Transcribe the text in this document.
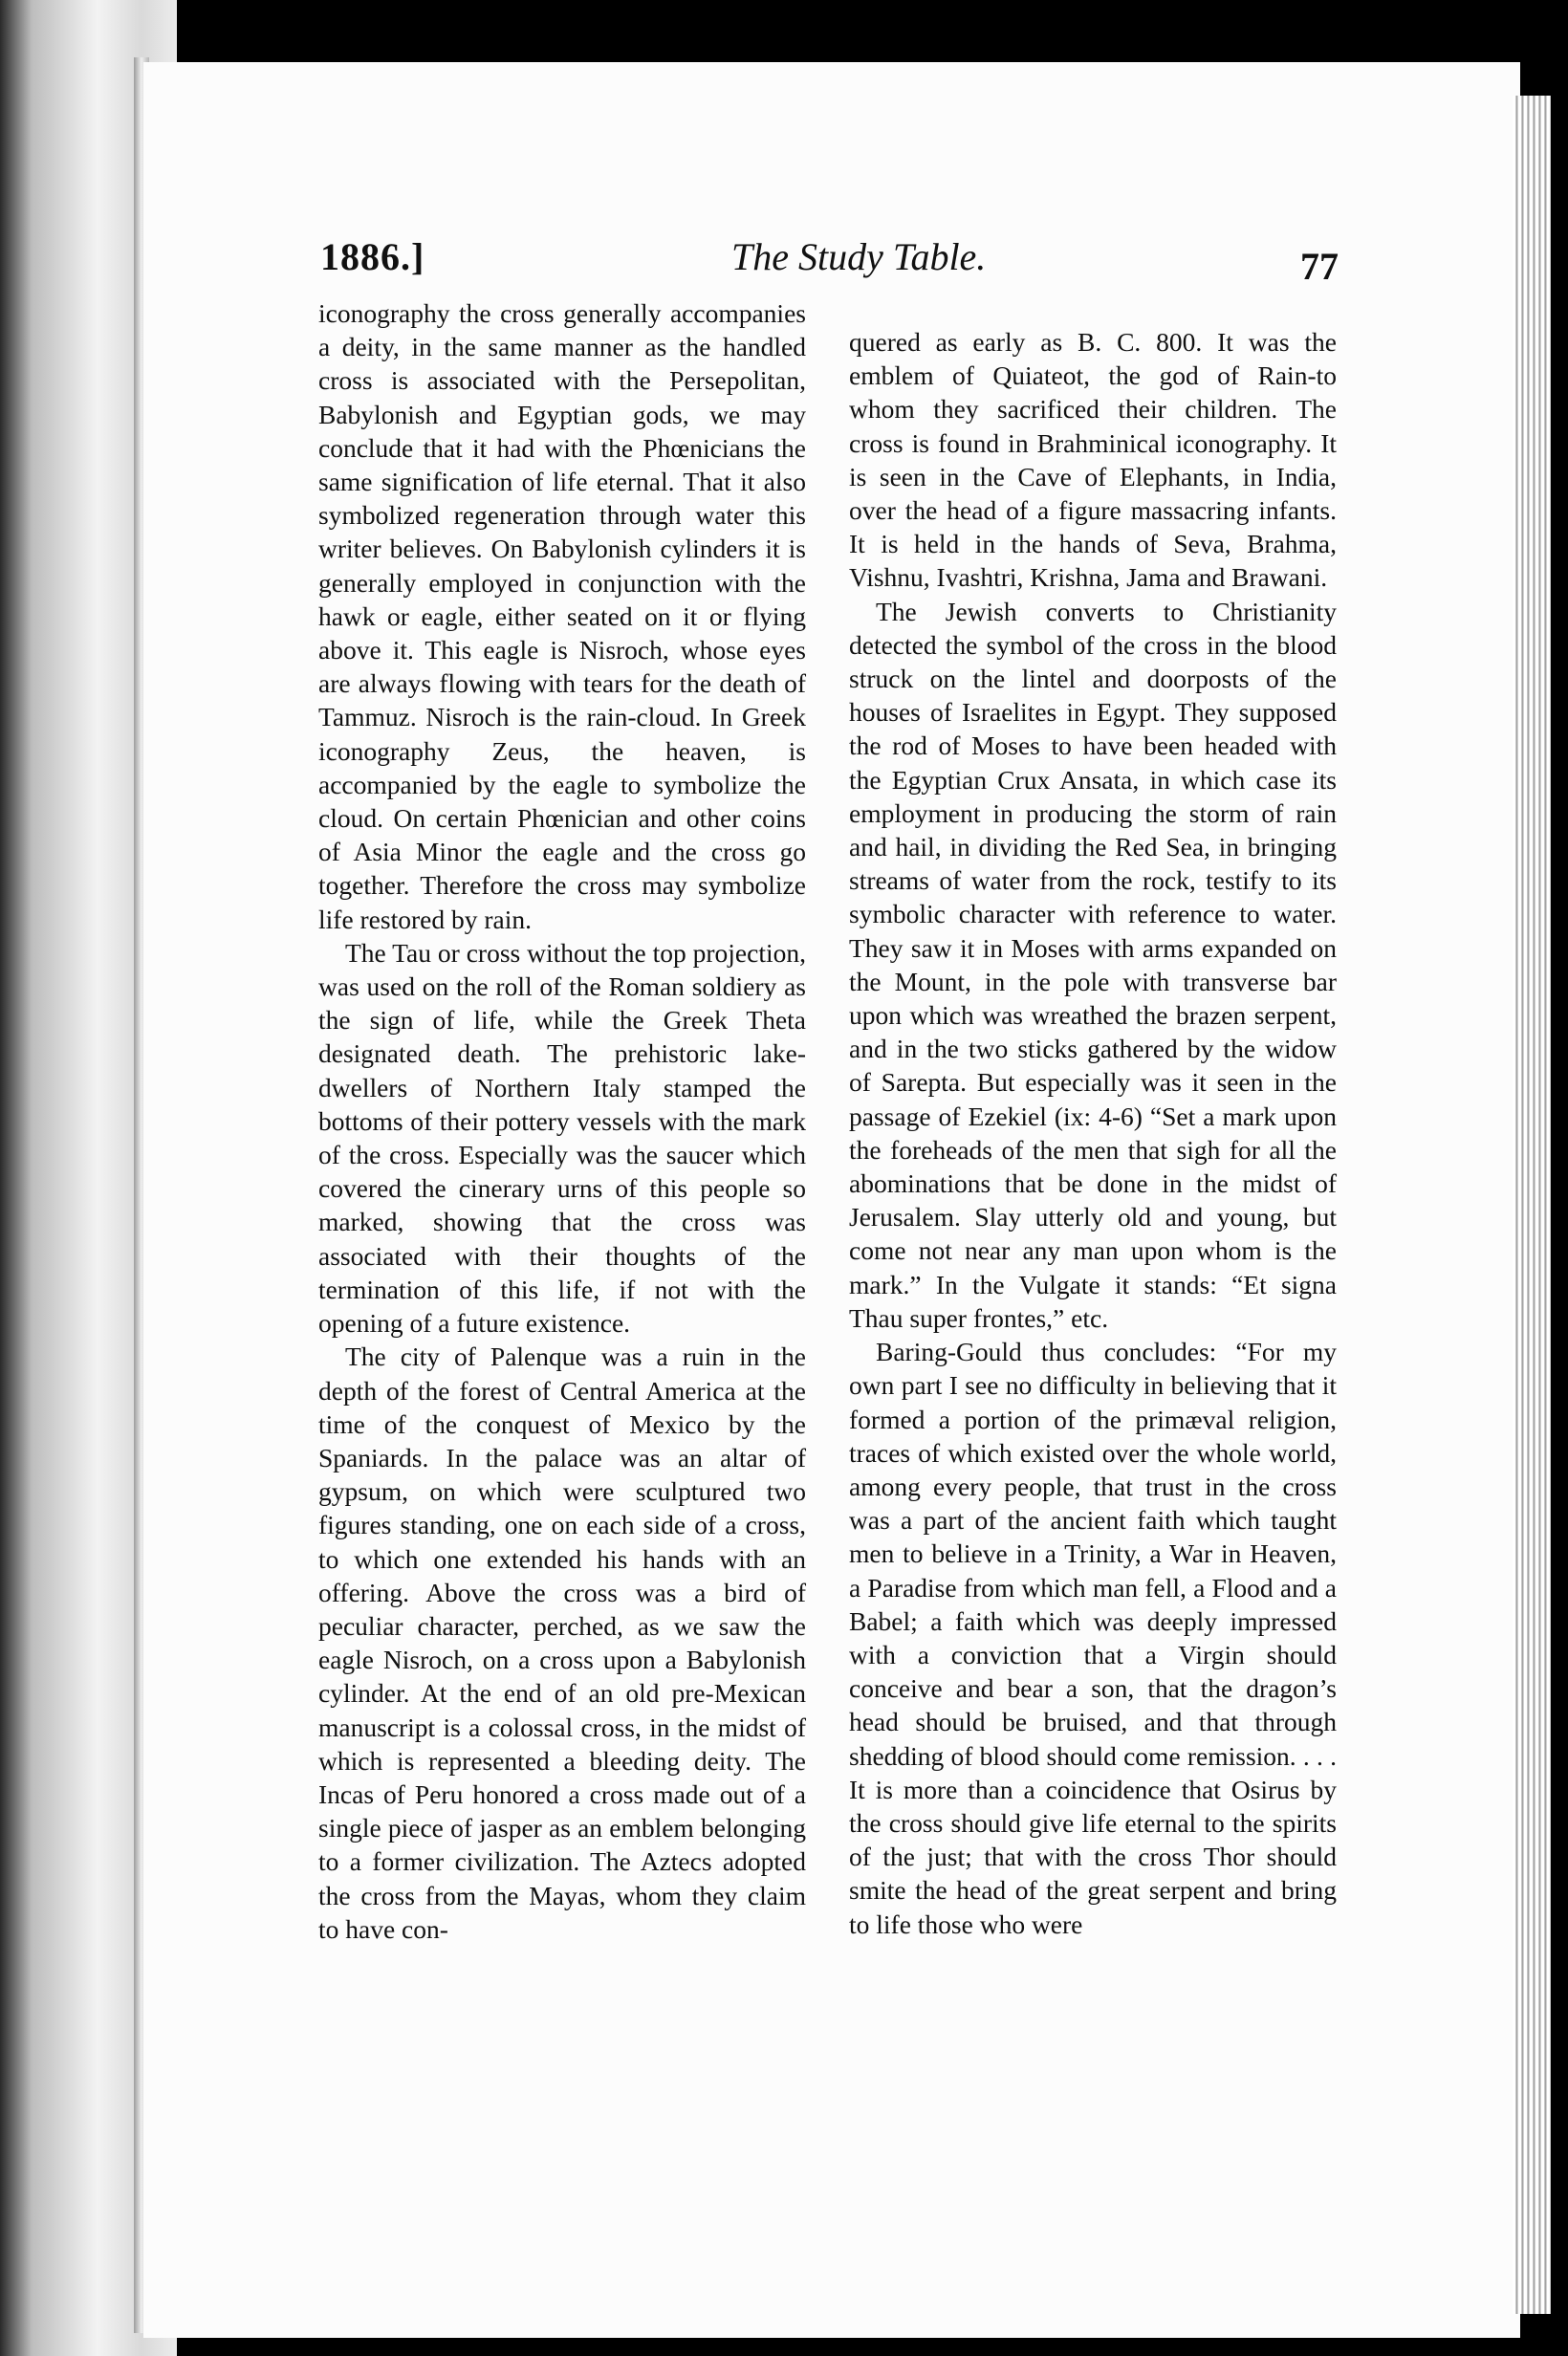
1886.]	The Study Table.	77

iconography the cross generally accompanies a deity, in the same manner as the handled cross is associated with the Persepolitan, Babylonish and Egyptian gods, we may conclude that it had with the Phœnicians the same signification of life eternal. That it also symbolized regeneration through water this writer believes. On Babylonish cylinders it is generally employed in conjunction with the hawk or eagle, either seated on it or flying above it. This eagle is Nisroch, whose eyes are always flowing with tears for the death of Tammuz. Nisroch is the rain-cloud. In Greek iconography Zeus, the heaven, is accompanied by the eagle to symbolize the cloud. On certain Phœnician and other coins of Asia Minor the eagle and the cross go together. Therefore the cross may symbolize life restored by rain.

The Tau or cross without the top projection, was used on the roll of the Roman soldiery as the sign of life, while the Greek Theta designated death. The prehistoric lake-dwellers of Northern Italy stamped the bottoms of their pottery vessels with the mark of the cross. Especially was the saucer which covered the cinerary urns of this people so marked, showing that the cross was associated with their thoughts of the termination of this life, if not with the opening of a future existence.

The city of Palenque was a ruin in the depth of the forest of Central America at the time of the conquest of Mexico by the Spaniards. In the palace was an altar of gypsum, on which were sculptured two figures standing, one on each side of a cross, to which one extended his hands with an offering. Above the cross was a bird of peculiar character, perched, as we saw the eagle Nisroch, on a cross upon a Babylonish cylinder. At the end of an old pre-Mexican manuscript is a colossal cross, in the midst of which is represented a bleeding deity. The Incas of Peru honored a cross made out of a single piece of jasper as an emblem belonging to a former civilization. The Aztecs adopted the cross from the Mayas, whom they claim to have con-

quered as early as B. C. 800. It was the emblem of Quiateot, the god of Rain-to whom they sacrificed their children. The cross is found in Brahminical iconography. It is seen in the Cave of Elephants, in India, over the head of a figure massacring infants. It is held in the hands of Seva, Brahma, Vishnu, Ivashtri, Krishna, Jama and Brawani.

The Jewish converts to Christianity detected the symbol of the cross in the blood struck on the lintel and doorposts of the houses of Israelites in Egypt. They supposed the rod of Moses to have been headed with the Egyptian Crux Ansata, in which case its employment in producing the storm of rain and hail, in dividing the Red Sea, in bringing streams of water from the rock, testify to its symbolic character with reference to water. They saw it in Moses with arms expanded on the Mount, in the pole with transverse bar upon which was wreathed the brazen serpent, and in the two sticks gathered by the widow of Sarepta. But especially was it seen in the passage of Ezekiel (ix: 4-6) “Set a mark upon the foreheads of the men that sigh for all the abominations that be done in the midst of Jerusalem. Slay utterly old and young, but come not near any man upon whom is the mark.” In the Vulgate it stands: “Et signa Thau super frontes,” etc.

Baring-Gould thus concludes: “For my own part I see no difficulty in believing that it formed a portion of the primæval religion, traces of which existed over the whole world, among every people, that trust in the cross was a part of the ancient faith which taught men to believe in a Trinity, a War in Heaven, a Paradise from which man fell, a Flood and a Babel; a faith which was deeply impressed with a conviction that a Virgin should conceive and bear a son, that the dragon’s head should be bruised, and that through shedding of blood should come remission. . . . It is more than a coincidence that Osirus by the cross should give life eternal to the spirits of the just; that with the cross Thor should smite the head of the great serpent and bring to life those who were
